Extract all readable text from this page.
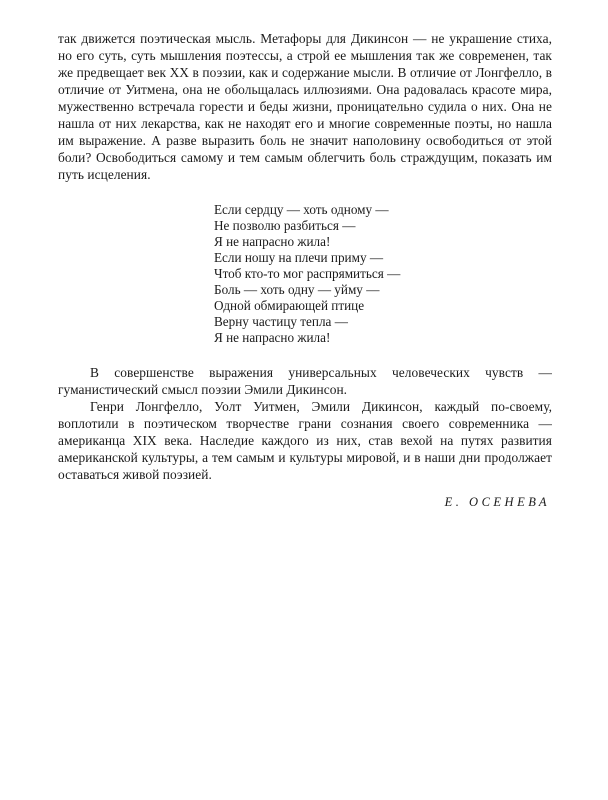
так движется поэтическая мысль. Метафоры для Дикинсон — не украшение стиха, но его суть, суть мышления поэтессы, а строй ее мышления так же современен, так же предвещает век XX в поэзии, как и содержание мысли. В отличие от Лонгфелло, в отличие от Уитмена, она не обольщалась иллюзиями. Она радовалась красоте мира, мужественно встречала горести и беды жизни, проницательно судила о них. Она не нашла от них лекарства, как не находят его и многие современные поэты, но нашла им выражение. А разве выразить боль не значит наполовину освободиться от этой боли? Освободиться самому и тем самым облегчить боль страждущим, показать им путь исцеления.

Если сердцу — хоть одному —
Не позволю разбиться —
Я не напрасно жила!
Если ношу на плечи приму —
Чтоб кто-то мог распрямиться —
Боль — хоть одну — уйму —
Одной обмирающей птице
Верну частицу тепла —
Я не напрасно жила!

В совершенстве выражения универсальных человеческих чувств — гуманистический смысл поэзии Эмили Дикинсон.

Генри Лонгфелло, Уолт Уитмен, Эмили Дикинсон, каждый по-своему, воплотили в поэтическом творчестве грани сознания своего современника — американца XIX века. Наследие каждого из них, став вехой на путях развития американской культуры, а тем самым и культуры мировой, и в наши дни продолжает оставаться живой поэзией.

Е. ОСЕНЕВА
